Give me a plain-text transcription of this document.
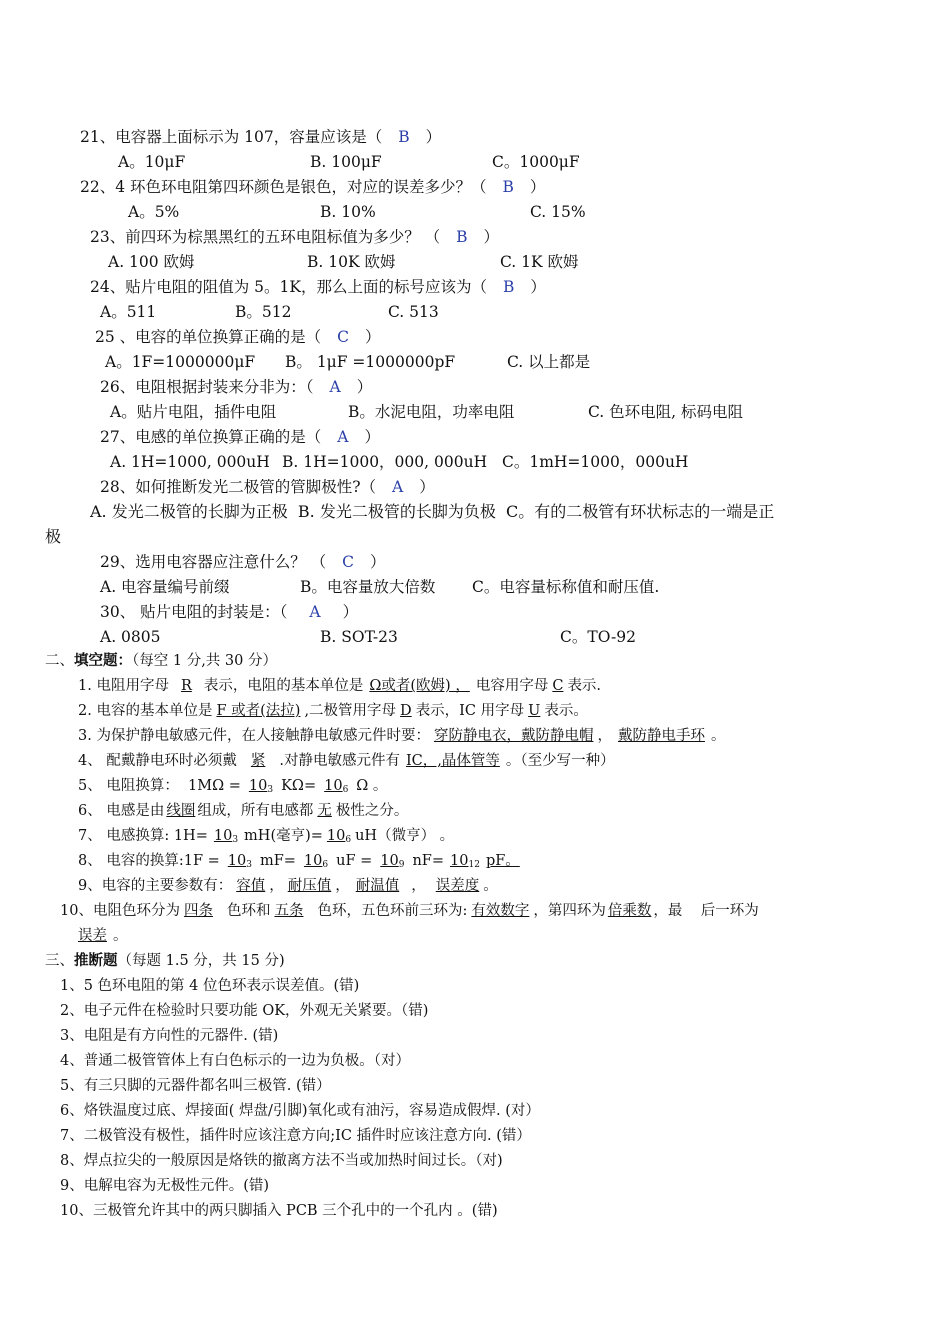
21、电容器上面标示为 107，容量应该是（ B ）
A。10μF	B. 100μF	C。1000μF
22、4 环色环电阻第四环颜色是银色，对应的误差多少？（ B ）
A。5%	B. 10%	C. 15%
23、前四环为棕黑黑红的五环电阻标值为多少？ （ B ）
A. 100 欧姆	B. 10K 欧姆	C. 1K 欧姆
24、贴片电阻的阻值为 5。1K，那么上面的标号应该为（ B ）
A。511	B。512	C. 513
25 、电容的单位换算正确的是（ C ）
A。1F=1000000μF B。 1μF =1000000pF	C. 以上都是
26、电阻根据封装来分非为：（ A ）
A。贴片电阻，插件电阻	B。水泥电阻，功率电阻	C. 色环电阻, 标码电阻
27、电感的单位换算正确的是（ A ）
A. 1H=1000, 000uH B. 1H=1000，000, 000uH C。1mH=1000，000uH
28、如何推断发光二极管的管脚极性?（ A ）
A. 发光二极管的长脚为正极  B. 发光二极管的长脚为负极  C。有的二极管有环状标志的一端是正
极
29、选用电容器应注意什么？ （ C ）
A. 电容量编号前缀	B。电容量放大倍数 C。电容量标称值和耐压值.
30、 贴片电阻的封装是：（ A ）
A. 0805	B. SOT-23	C。TO-92
二、填空题：（每空 1 分,共 30 分）
1. 电阻用字母 R 表示，电阻的基本单位是 Ω或者(欧姆) ， 电容用字母 C 表示.
2. 电容的基本单位是 F 或者(法拉) ,二极管用字母 D 表示，IC 用字母 U 表示。
3. 为保护静电敏感元件，在人接触静电敏感元件时要： 穿防静电衣，戴防静电帽 ， 戴防静电手环 。
4、 配戴静电环时必须戴 紧 .对静电敏感元件有 IC，,晶体管等 。（至少写一种）
5、 电阻换算：  $1M\Omega = 10_3$ $K\Omega= 10_6$ Ω 。
6、 电感是由 线圈 组成，所有电感都 无 极性之分。
7、 电感换算: $1H= 10_3$ mH(毫亨)= $10_6$ uH（微亨） 。
8、 电容的换算:1F = $10_3$ $mF= 10_6$ uF = $10_9$ $nF= 10_{12}$ pF。
9、电容的主要参数有： 容值 ， 耐压值 ， 耐温值 ， 误差度 。
10、电阻色环分为 四条 色环和 五条 色环，五色环前三环为: 有效数字 ，第四环为 倍乘数 ，最    后一环为
误差 。
三、推断题（每题 1.5 分，共 15 分)
1、5 色环电阻的第 4 位色环表示误差值。(错)
2、电子元件在检验时只要功能 OK，外观无关紧要。（错)
3、电阻是有方向性的元器件. (错)
4、普通二极管管体上有白色标示的一边为负极。（对）
5、有三只脚的元器件都名叫三极管. (错）
6、烙铁温度过底、焊接面( 焊盘/引脚)氧化或有油污，容易造成假焊. (对）
7、二极管没有极性，插件时应该注意方向;IC 插件时应该注意方向. (错）
8、焊点拉尖的一般原因是烙铁的撤离方法不当或加热时间过长。（对)
9、电解电容为无极性元件。(错)
10、三极管允许其中的两只脚插入 PCB 三个孔中的一个孔内 。(错)
